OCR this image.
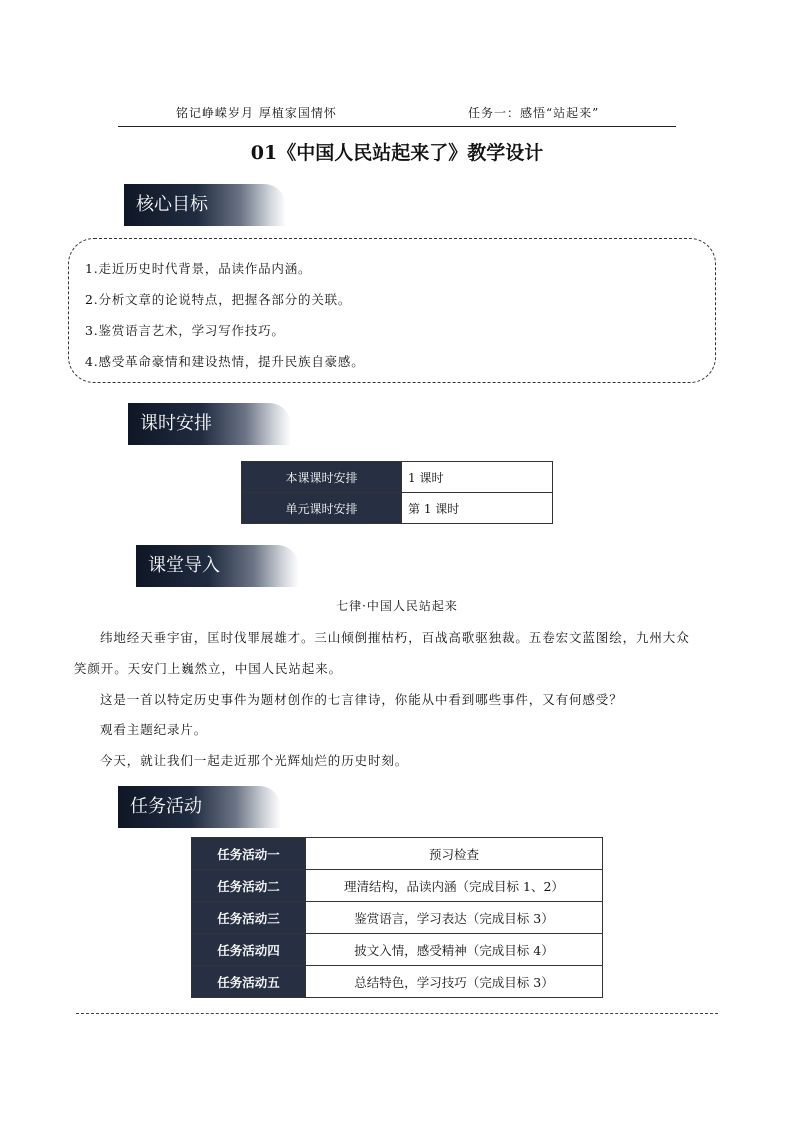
铭记峥嵘岁月 厚植家国情怀	任务一：感悟“站起来”
01《中国人民站起来了》教学设计
核心目标
1.走近历史时代背景，品读作品内涵。
2.分析文章的论说特点，把握各部分的关联。
3.鉴赏语言艺术，学习写作技巧。
4.感受革命豪情和建设热情，提升民族自豪感。
课时安排
本课课时安排	1 课时
单元课时安排	第 1 课时
课堂导入
七律·中国人民站起来
纬地经天垂宇宙，匡时伐罪展雄才。三山倾倒摧枯朽，百战高歌驱独裁。五卷宏文蓝图绘，九州大众
笑颜开。天安门上巍然立，中国人民站起来。
这是一首以特定历史事件为题材创作的七言律诗，你能从中看到哪些事件，又有何感受？
观看主题纪录片。
今天，就让我们一起走近那个光辉灿烂的历史时刻。
任务活动
任务活动一	预习检查
任务活动二	理清结构，品读内涵（完成目标 1、2）
任务活动三	鉴赏语言，学习表达（完成目标 3）
任务活动四	披文入情，感受精神（完成目标 4）
任务活动五	总结特色，学习技巧（完成目标 3）
